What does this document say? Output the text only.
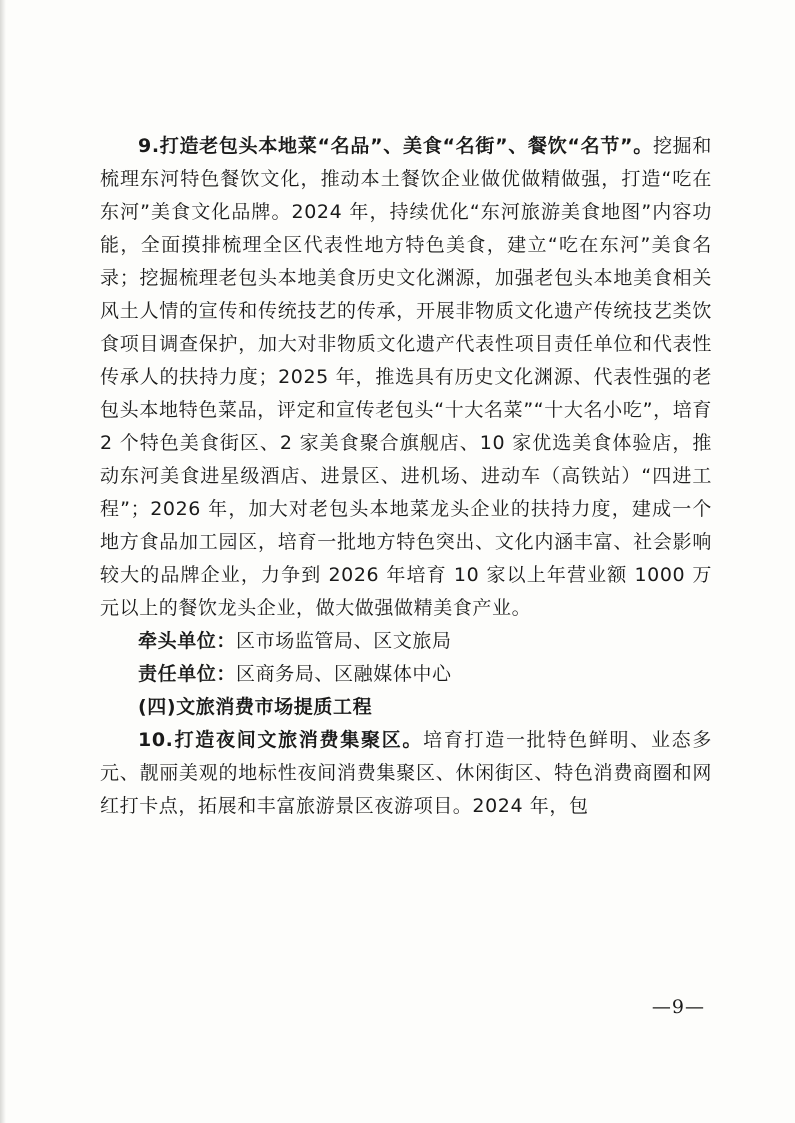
9.打造老包头本地菜“名品”、美食“名街”、餐饮“名节”。挖掘和梳理东河特色餐饮文化，推动本土餐饮企业做优做精做强，打造“吃在东河”美食文化品牌。2024 年，持续优化“东河旅游美食地图”内容功能，全面摸排梳理全区代表性地方特色美食，建立“吃在东河”美食名录；挖掘梳理老包头本地美食历史文化渊源，加强老包头本地美食相关风土人情的宣传和传统技艺的传承，开展非物质文化遗产传统技艺类饮食项目调查保护，加大对非物质文化遗产代表性项目责任单位和代表性传承人的扶持力度；2025 年，推选具有历史文化渊源、代表性强的老包头本地特色菜品，评定和宣传老包头“十大名菜”“十大名小吃”，培育 2 个特色美食街区、2 家美食聚合旗舰店、10 家优选美食体验店，推动东河美食进星级酒店、进景区、进机场、进动车（高铁站）“四进工程”；2026 年，加大对老包头本地菜龙头企业的扶持力度，建成一个地方食品加工园区，培育一批地方特色突出、文化内涵丰富、社会影响较大的品牌企业，力争到 2026 年培育 10 家以上年营业额 1000 万元以上的餐饮龙头企业，做大做强做精美食产业。

牵头单位：区市场监管局、区文旅局

责任单位：区商务局、区融媒体中心

(四)文旅消费市场提质工程

10.打造夜间文旅消费集聚区。培育打造一批特色鲜明、业态多元、靓丽美观的地标性夜间消费集聚区、休闲街区、特色消费商圈和网红打卡点，拓展和丰富旅游景区夜游项目。2024 年，包

—9—
